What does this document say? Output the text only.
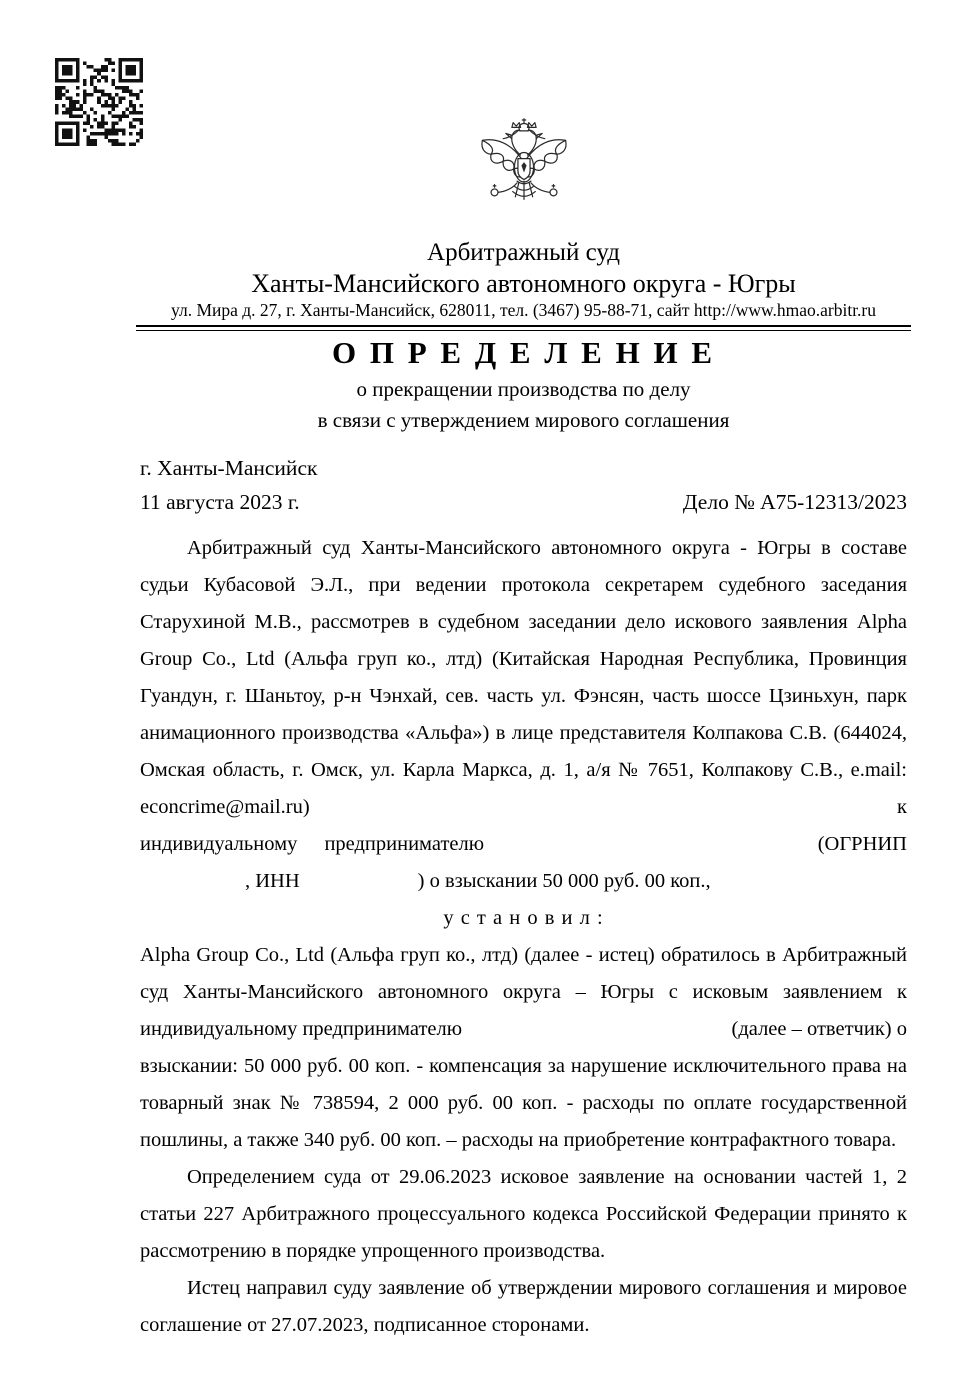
Арбитражный суд
Ханты-Мансийского автономного округа - Югры
ул. Мира д. 27, г. Ханты-Мансийск, 628011, тел. (3467) 95-88-71, сайт http://www.hmao.arbitr.ru
О П Р Е Д Е Л Е Н И Е
о прекращении производства по делу
в связи с утверждением мирового соглашения
г. Ханты-Мансийск
11 августа 2023 г.	Дело № А75-12313/2023

Арбитражный суд Ханты-Мансийского автономного округа - Югры в составе судьи Кубасовой Э.Л., при ведении протокола секретарем судебного заседания Старухиной М.В., рассмотрев в судебном заседании дело искового заявления Alpha Group Co., Ltd (Альфа груп ко., лтд) (Китайская Народная Республика, Провинция Гуандун, г. Шаньтоу, р-н Чэнхай, сев. часть ул. Фэнсян, часть шоссе Цзиньхун, парк анимационного производства «Альфа») в лице представителя Колпакова С.В. (644024, Омская область, г. Омск, ул. Карла Маркса, д. 1, а/я № 7651, Колпакову С.В., e.mail: econcrime@mail.ru) к

индивидуальному предпринимателю	(ОГРНИП
, ИНН	) о взыскании 50 000 руб. 00 коп.,
у с т а н о в и л :

Alpha Group Co., Ltd (Альфа груп ко., лтд) (далее - истец) обратилось в Арбитражный суд Ханты-Мансийского автономного округа – Югры с исковым заявлением к

индивидуальному предпринимателю	(далее – ответчик) о

взыскании: 50 000 руб. 00 коп. - компенсация за нарушение исключительного права на товарный знак № 738594, 2 000 руб. 00 коп. - расходы по оплате государственной пошлины, а также 340 руб. 00 коп. – расходы на приобретение контрафактного товара.

Определением суда от 29.06.2023 исковое заявление на основании частей 1, 2 статьи 227 Арбитражного процессуального кодекса Российской Федерации принято к рассмотрению в порядке упрощенного производства.

Истец направил суду заявление об утверждении мирового соглашения и мировое соглашение от 27.07.2023, подписанное сторонами.
